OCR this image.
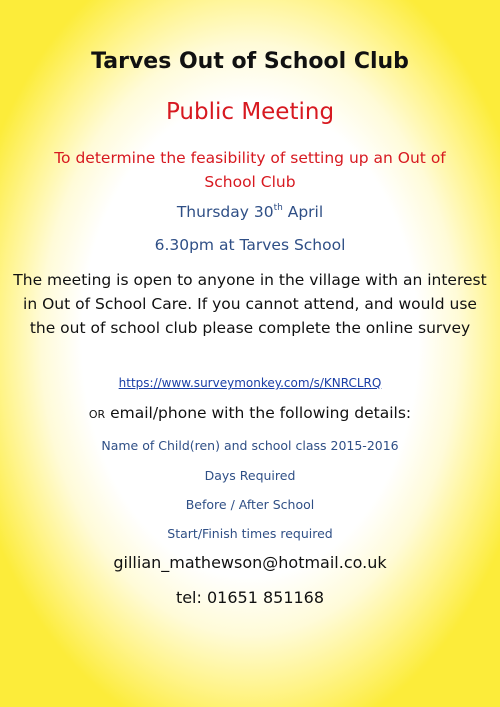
Tarves Out of School Club

Public Meeting

To determine the feasibility of setting up an Out of School Club

Thursday 30th April

6.30pm at Tarves School

The meeting is open to anyone in the village with an interest in Out of School Care. If you cannot attend, and would use the out of school club please complete the online survey

https://www.surveymonkey.com/s/KNRCLRQ

OR email/phone with the following details:

Name of Child(ren) and school class 2015-2016

Days Required

Before / After School

Start/Finish times required

gillian_mathewson@hotmail.co.uk

tel: 01651 851168
